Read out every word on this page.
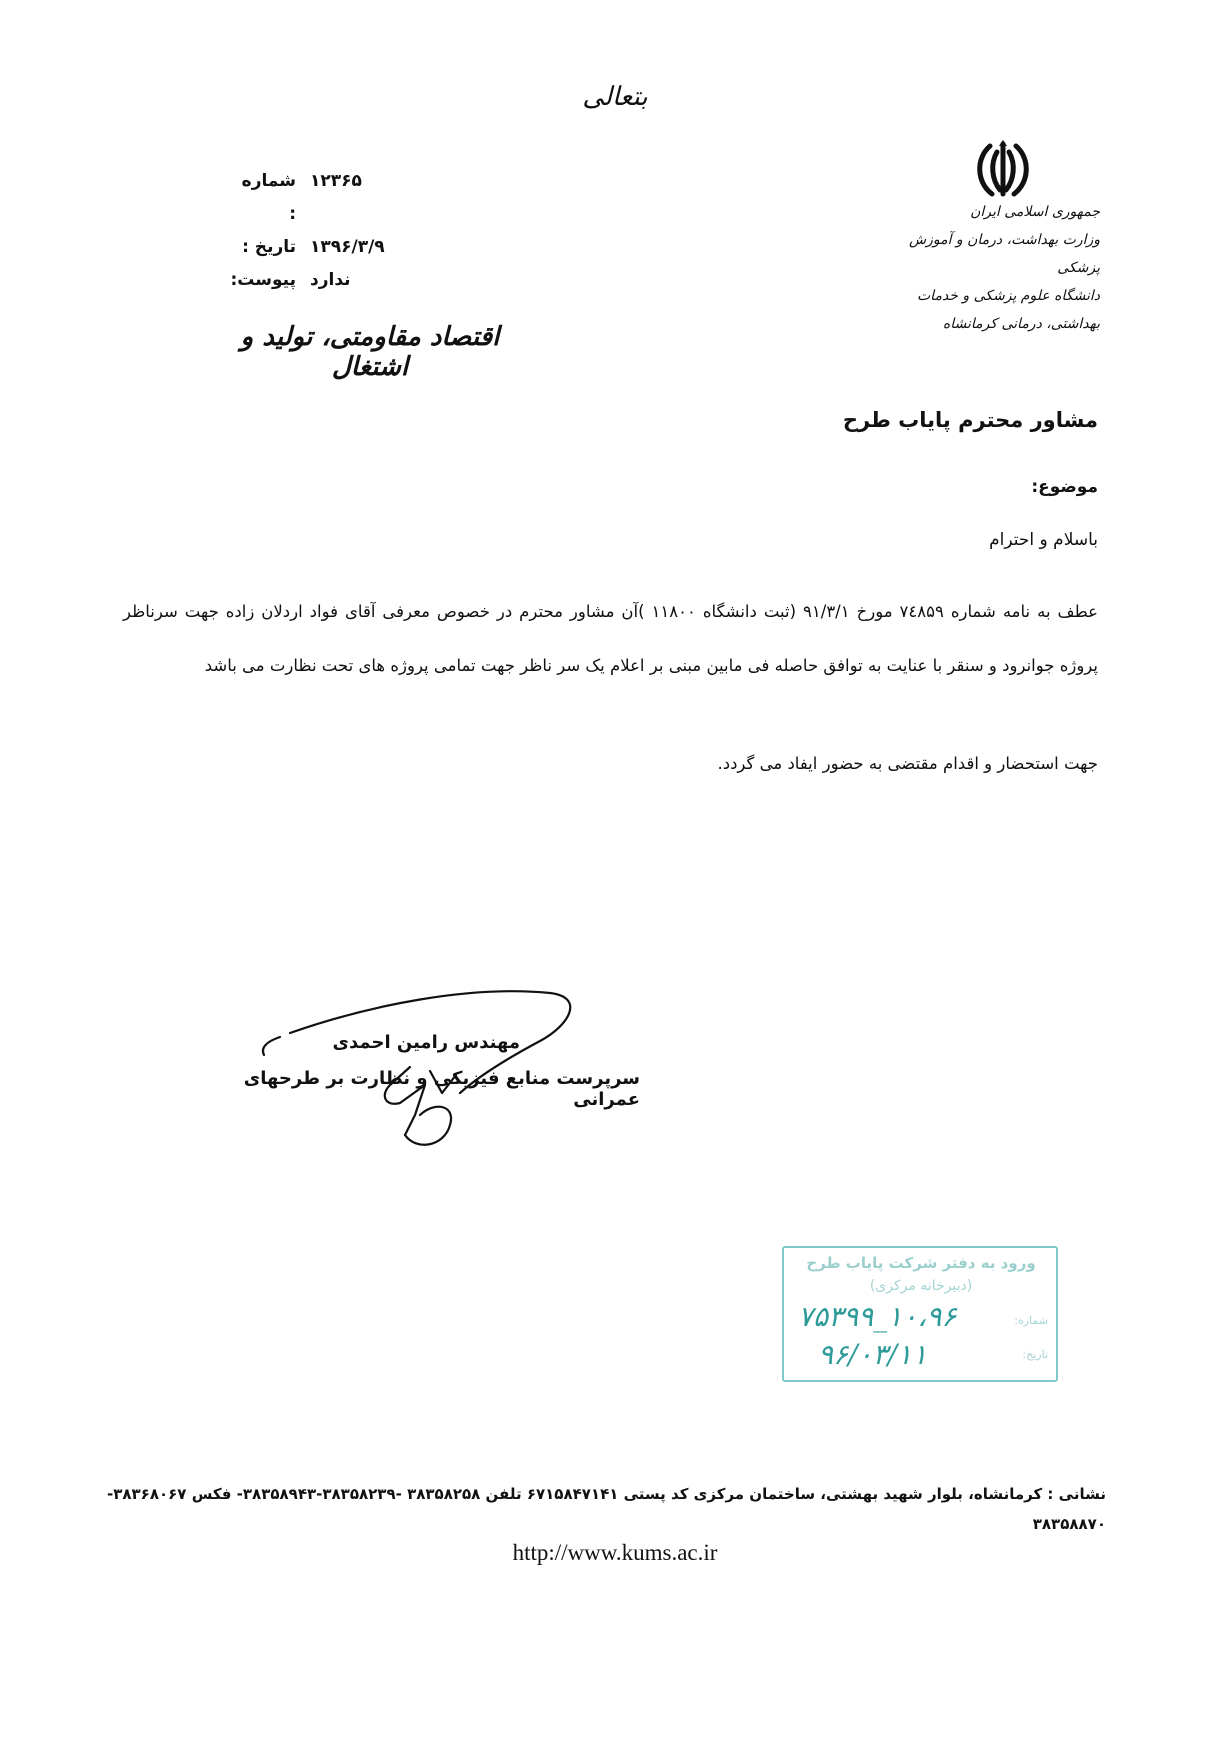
بتعالی
شماره :
۱۲۳۶۵
تاریخ : ۱۳۹۶/۳/۹
پیوست: ندارد
جمهوری اسلامی ایران
وزارت بهداشت، درمان و آموزش پزشکی
دانشگاه علوم پزشکی و خدمات بهداشتی، درمانی کرمانشاه
اقتصاد مقاومتی، تولید و اشتغال
مشاور محترم پایاب طرح
موضوع:
باسلام و احترام
عطف به نامه شماره ۷٤۸۵۹ مورخ ۹۱/۳/۱ (ثبت دانشگاه ۱۱۸۰۰ )آن مشاور محترم در خصوص معرفی آقای فواد اردلان زاده جهت سرناظر پروژه جوانرود و سنقر با عنایت به توافق حاصله فی مابین مبنی بر اعلام یک سر ناظر جهت تمامی پروژه های تحت نظارت می باشد
جهت استحضار و اقدام مقتضی به حضور ایفاد می گردد.
مهندس رامین احمدی
سرپرست منابع فیزیکی و نظارت بر طرحهای عمرانی
ورود به دفتر شرکت پایاب طرح
(دبیرخانه مرکزی)
شماره:
تاریخ:
۱۰،۹۶_۷۵۳۹۹
۹۶/۰۳/۱۱
نشانی : کرمانشاه، بلوار شهید بهشتی، ساختمان مرکزی کد پستی ۶۷۱۵۸۴۷۱۴۱ تلفن ۳۸۳۵۸۲۵۸ -۳۸۳۵۸۲۳۹-۳۸۳۵۸۹۴۳- فکس ۳۸۳۶۸۰۶۷- ۳۸۳۵۸۸۷۰
http://www.kums.ac.ir
